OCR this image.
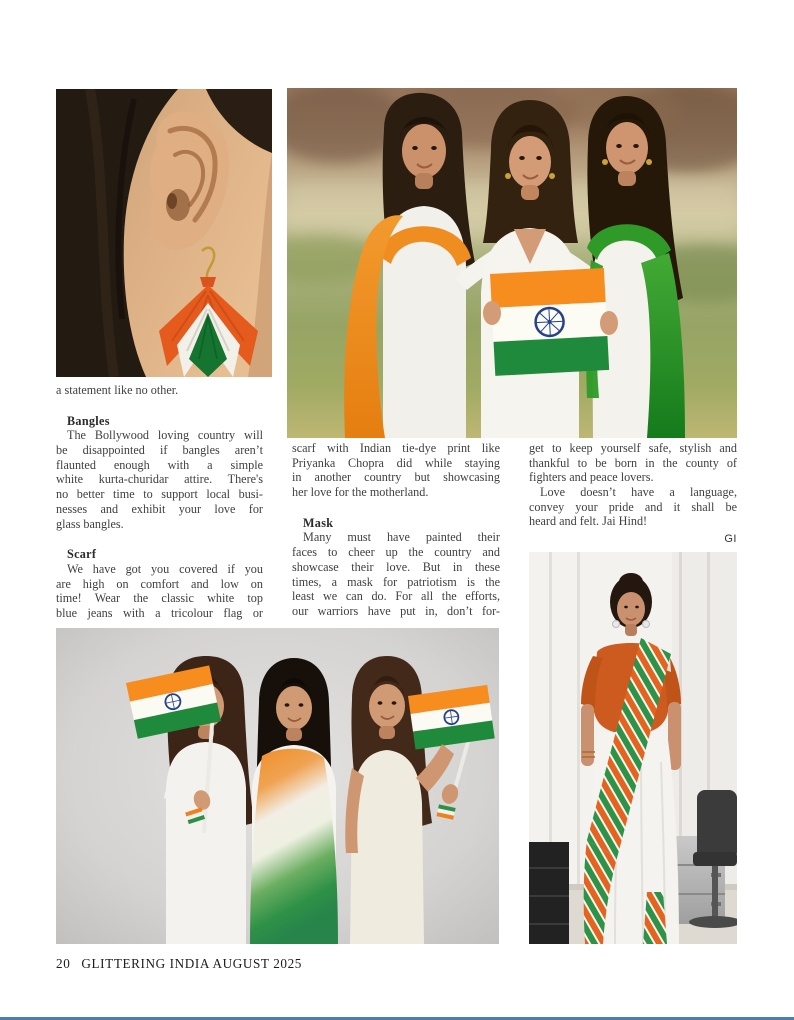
a statement like no other.
Bangles
The Bollywood loving country will
be disappointed if bangles aren’t
flaunted enough with a simple
white kurta-churidar attire. There's
no better time to support local busi-
nesses and exhibit your love for
glass bangles.
Scarf
We have got you covered if you
are high on comfort and low on
time! Wear the classic white top
blue jeans with a tricolour flag or
scarf with Indian tie-dye print like
Priyanka Chopra did while staying
in another country but showcasing
her love for the motherland.
Mask
Many must have painted their
faces to cheer up the country and
showcase their love. But in these
times, a mask for patriotism is the
least we can do. For all the efforts,
our warriors have put in, don’t for-
get to keep yourself safe, stylish and
thankful to be born in the county of
fighters and peace lovers.
Love doesn’t have a language,
convey your pride and it shall be
heard and felt. Jai Hind!
GI
20 GLITTERING INDIA AUGUST 2025
